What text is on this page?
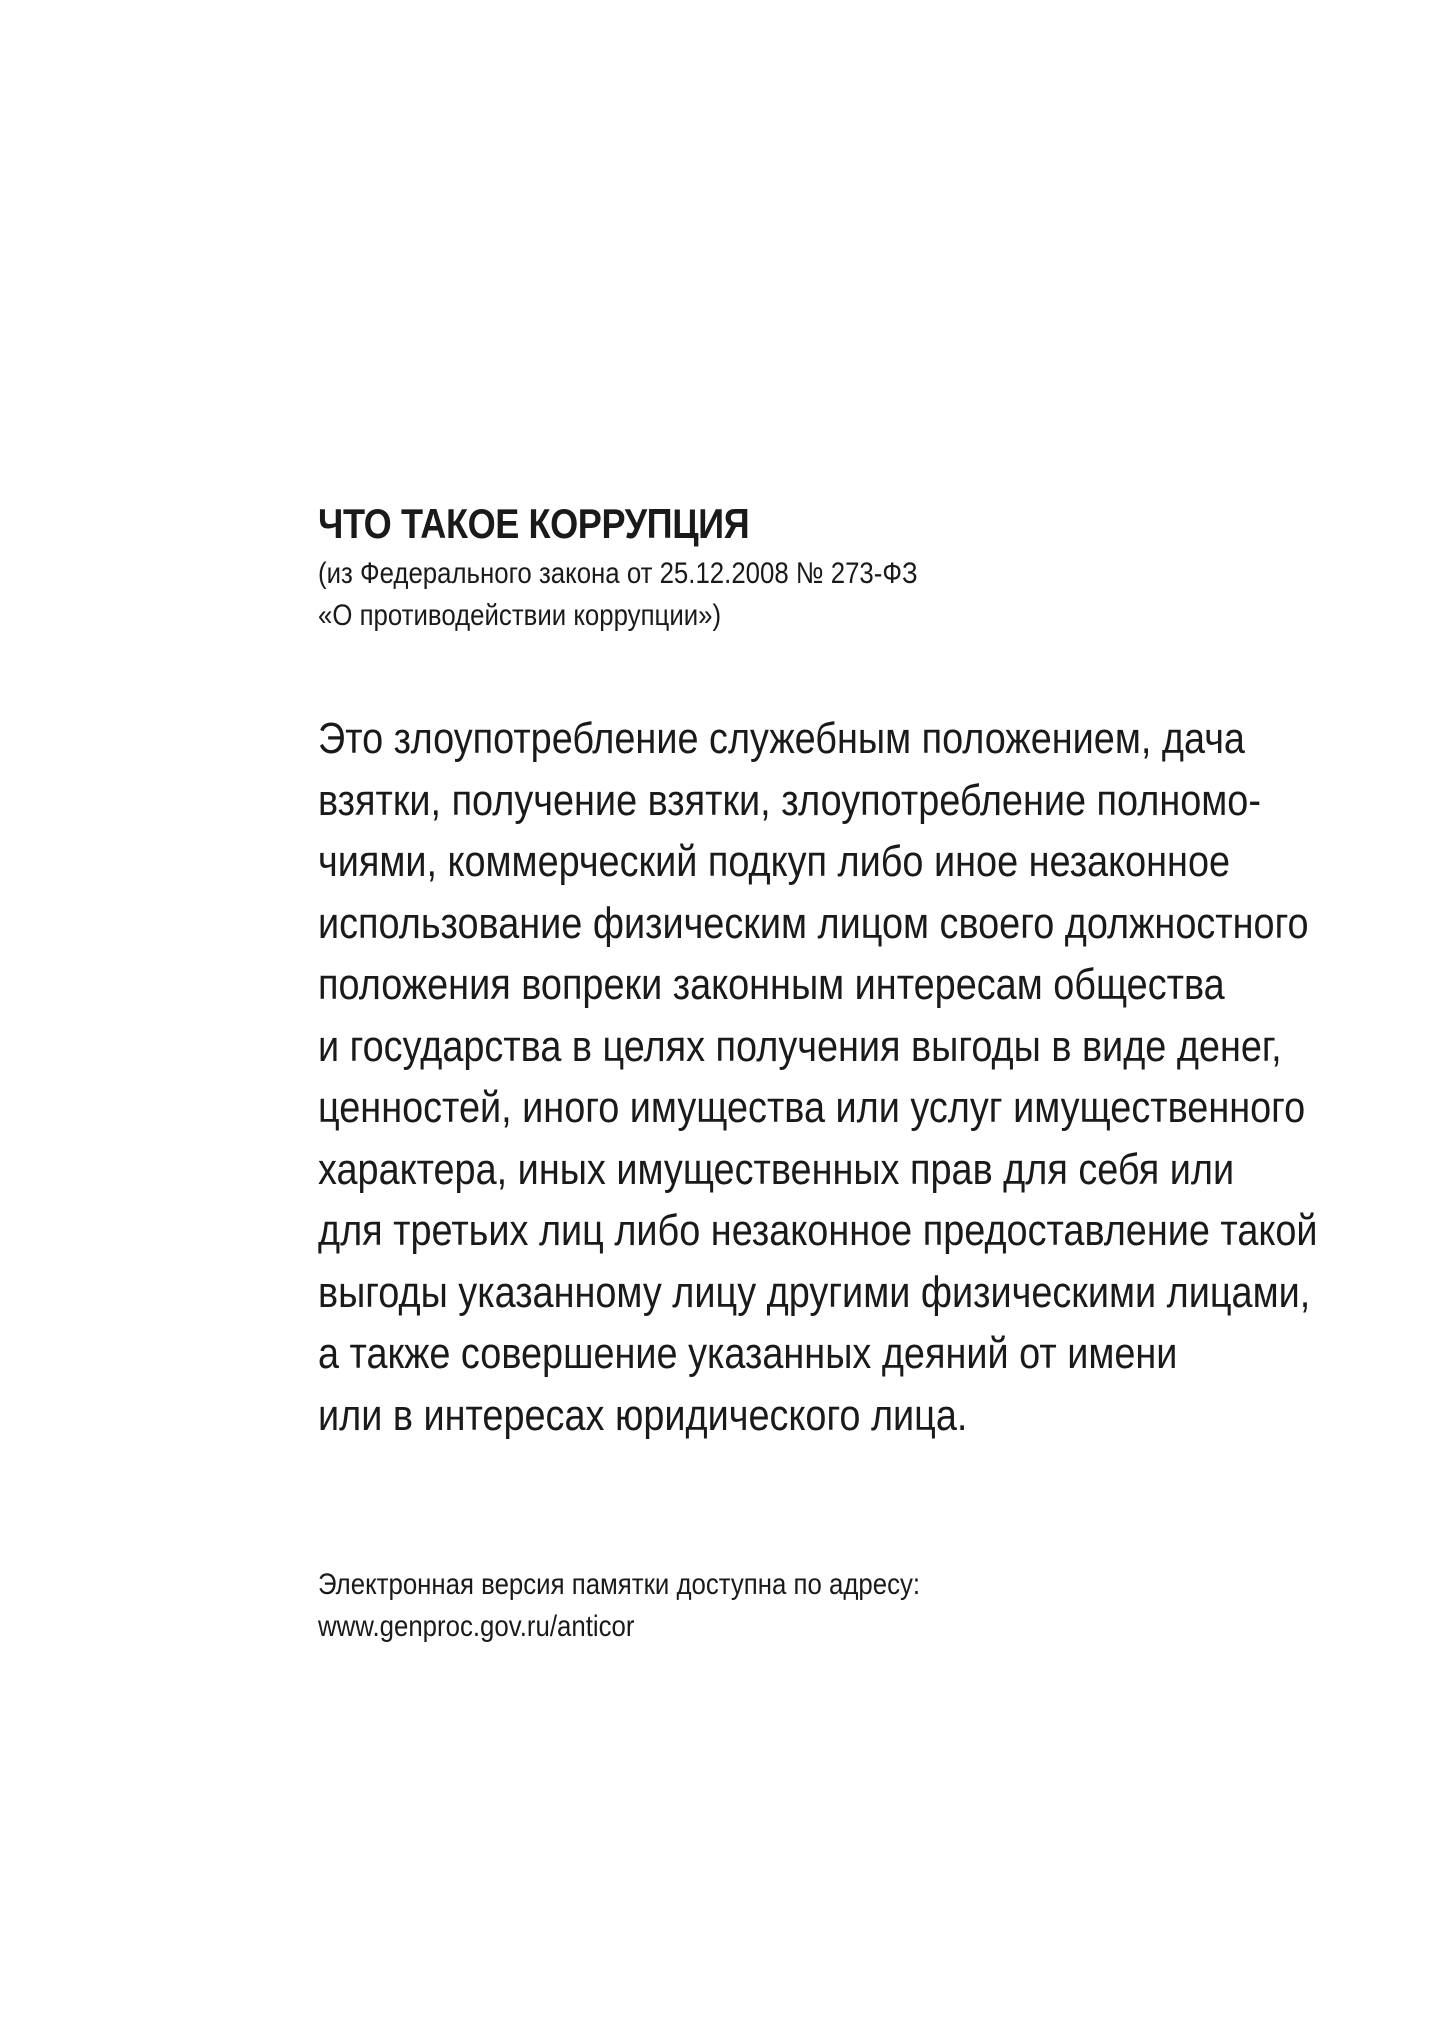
ЧТО ТАКОЕ КОРРУПЦИЯ

(из Федерального закона от 25.12.2008 № 273-ФЗ
«О противодействии коррупции»)

Это злоупотребление служебным положением, дача
взятки, получение взятки, злоупотребление полномо-
чиями, коммерческий подкуп либо иное незаконное
использование физическим лицом своего должностного
положения вопреки законным интересам общества
и государства в целях получения выгоды в виде денег,
ценностей, иного имущества или услуг имущественного
характера, иных имущественных прав для себя или
для третьих лиц либо незаконное предоставление такой
выгоды указанному лицу другими физическими лицами,
а также совершение указанных деяний от имени
или в интересах юридического лица.

Электронная версия памятки доступна по адресу:
www.genproc.gov.ru/anticor
